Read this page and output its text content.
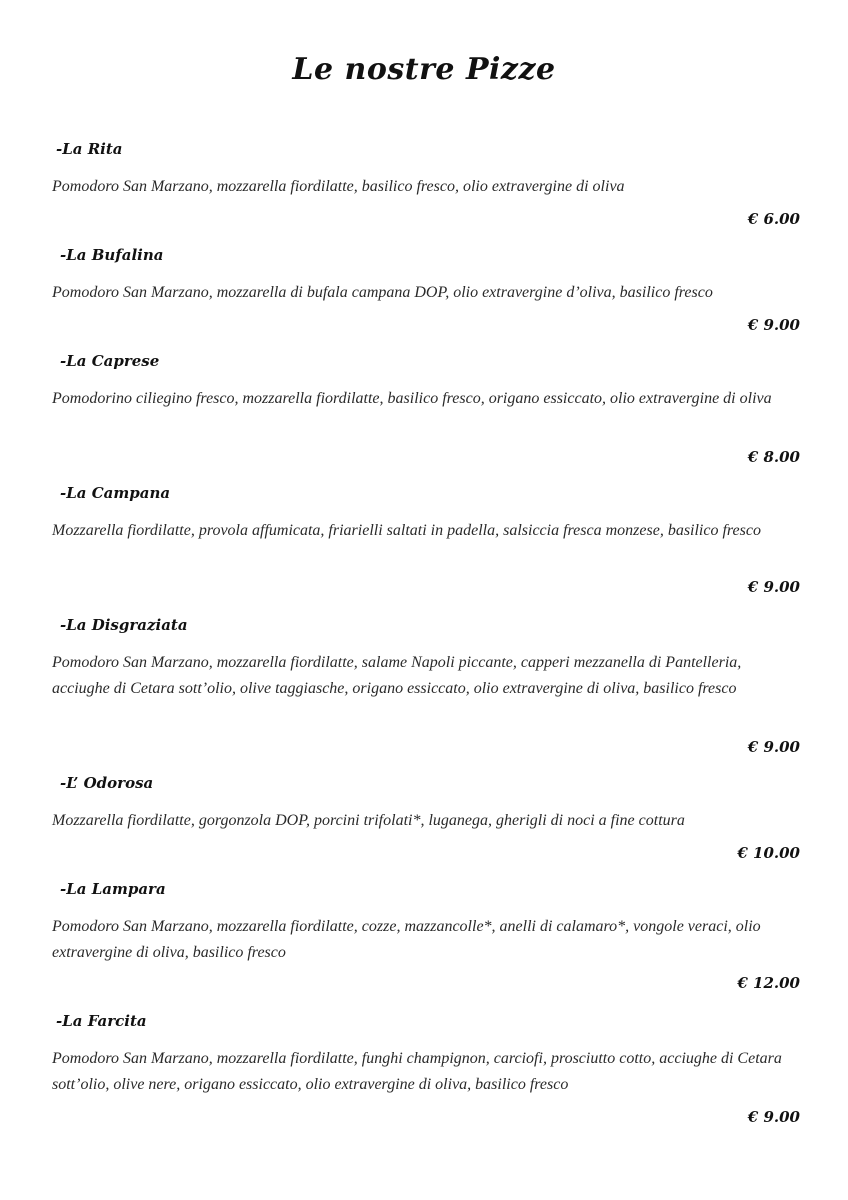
Le nostre Pizze
-La Rita
Pomodoro San Marzano, mozzarella fiordilatte, basilico fresco, olio extravergine di oliva
€ 6.00
-La Bufalina
Pomodoro San Marzano, mozzarella di bufala campana DOP, olio extravergine d’oliva, basilico fresco
€ 9.00
-La Caprese
Pomodorino ciliegino fresco, mozzarella fiordilatte, basilico fresco, origano essiccato, olio extravergine di oliva
€ 8.00
-La Campana
Mozzarella fiordilatte, provola affumicata, friarielli saltati in padella, salsiccia fresca monzese, basilico fresco
€ 9.00
-La Disgraziata
Pomodoro San Marzano, mozzarella fiordilatte, salame Napoli piccante, capperi mezzanella di Pantelleria, acciughe di Cetara sott’olio, olive taggiasche, origano essiccato, olio extravergine di oliva, basilico fresco
€ 9.00
-L’ Odorosa
Mozzarella fiordilatte, gorgonzola DOP, porcini trifolati*, luganega, gherigli di noci a fine cottura
€ 10.00
-La Lampara
Pomodoro San Marzano, mozzarella fiordilatte, cozze, mazzancolle*, anelli di calamaro*, vongole veraci, olio extravergine di oliva, basilico fresco
€ 12.00
-La Farcita
Pomodoro San Marzano, mozzarella fiordilatte, funghi champignon, carciofi, prosciutto cotto, acciughe di Cetara sott’olio, olive nere, origano essiccato, olio extravergine di oliva, basilico fresco
€ 9.00
